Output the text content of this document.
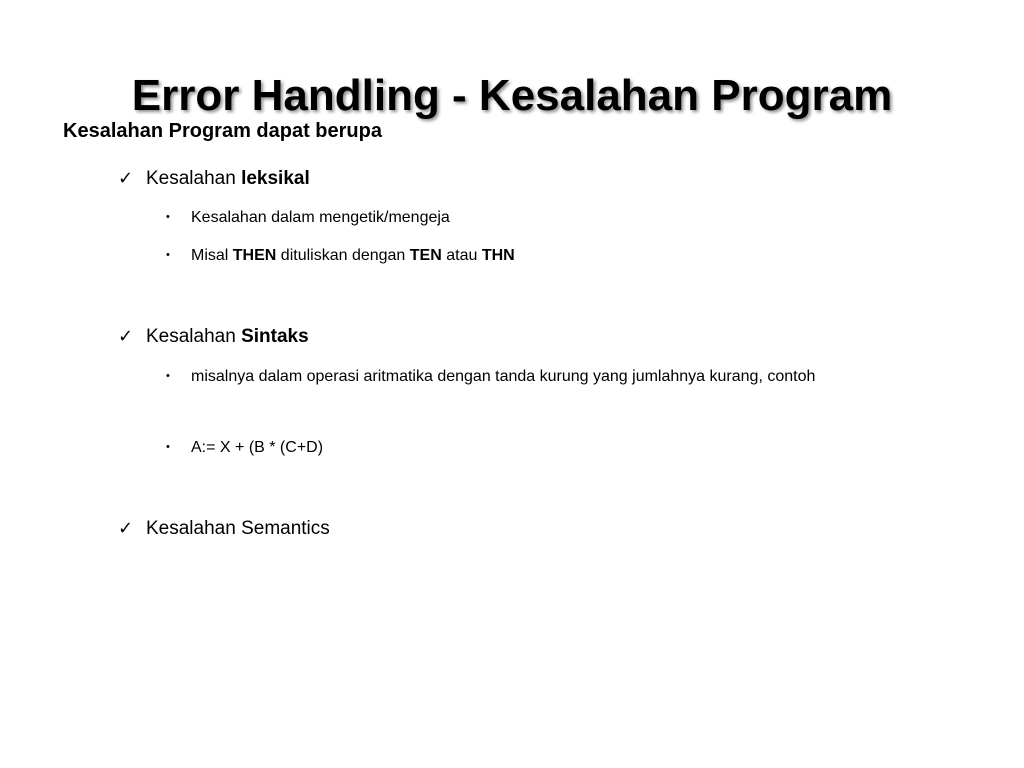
Error Handling - Kesalahan Program
Kesalahan Program dapat berupa
✓ Kesalahan leksikal
•	Kesalahan dalam mengetik/mengeja
•	Misal THEN dituliskan dengan TEN atau THN
✓ Kesalahan Sintaks
•	misalnya dalam operasi aritmatika dengan tanda kurung yang jumlahnya kurang, contoh
•	A:= X + (B * (C+D)
✓ Kesalahan Semantics
